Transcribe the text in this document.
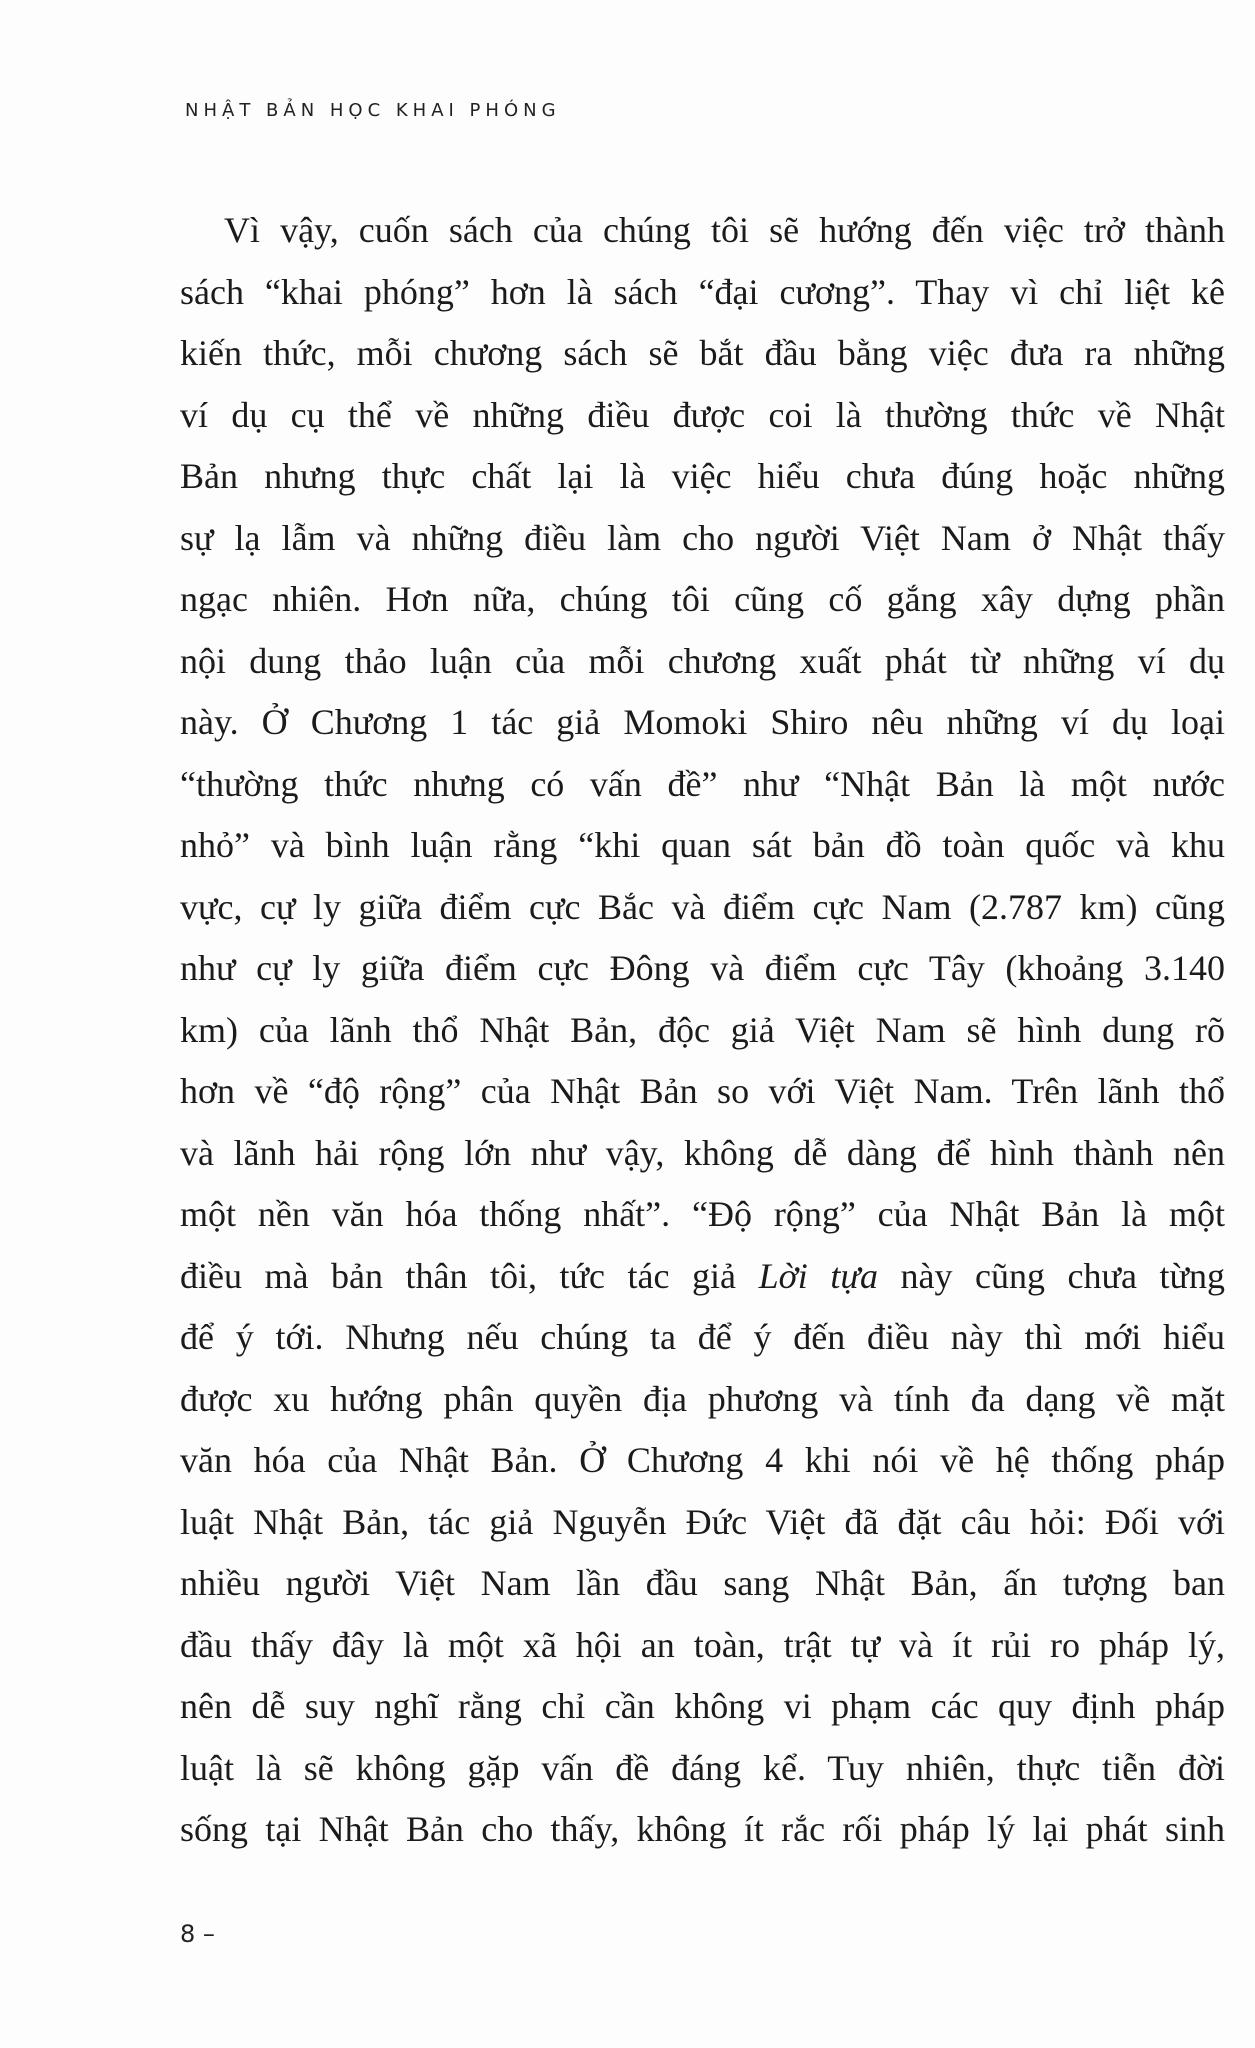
NHẬT BẢN HỌC KHAI PHÓNG
Vì vậy, cuốn sách của chúng tôi sẽ hướng đến việc trở thành
sách “khai phóng” hơn là sách “đại cương”. Thay vì chỉ liệt kê
kiến thức, mỗi chương sách sẽ bắt đầu bằng việc đưa ra những
ví dụ cụ thể về những điều được coi là thường thức về Nhật
Bản nhưng thực chất lại là việc hiểu chưa đúng hoặc những
sự lạ lẫm và những điều làm cho người Việt Nam ở Nhật thấy
ngạc nhiên. Hơn nữa, chúng tôi cũng cố gắng xây dựng phần
nội dung thảo luận của mỗi chương xuất phát từ những ví dụ
này. Ở Chương 1 tác giả Momoki Shiro nêu những ví dụ loại
“thường thức nhưng có vấn đề” như “Nhật Bản là một nước
nhỏ” và bình luận rằng “khi quan sát bản đồ toàn quốc và khu
vực, cự ly giữa điểm cực Bắc và điểm cực Nam (2.787 km) cũng
như cự ly giữa điểm cực Đông và điểm cực Tây (khoảng 3.140
km) của lãnh thổ Nhật Bản, độc giả Việt Nam sẽ hình dung rõ
hơn về “độ rộng” của Nhật Bản so với Việt Nam. Trên lãnh thổ
và lãnh hải rộng lớn như vậy, không dễ dàng để hình thành nên
một nền văn hóa thống nhất”. “Độ rộng” của Nhật Bản là một
điều mà bản thân tôi, tức tác giả Lời tựa này cũng chưa từng
để ý tới. Nhưng nếu chúng ta để ý đến điều này thì mới hiểu
được xu hướng phân quyền địa phương và tính đa dạng về mặt
văn hóa của Nhật Bản. Ở Chương 4 khi nói về hệ thống pháp
luật Nhật Bản, tác giả Nguyễn Đức Việt đã đặt câu hỏi: Đối với
nhiều người Việt Nam lần đầu sang Nhật Bản, ấn tượng ban
đầu thấy đây là một xã hội an toàn, trật tự và ít rủi ro pháp lý,
nên dễ suy nghĩ rằng chỉ cần không vi phạm các quy định pháp
luật là sẽ không gặp vấn đề đáng kể. Tuy nhiên, thực tiễn đời
sống tại Nhật Bản cho thấy, không ít rắc rối pháp lý lại phát sinh
8 –
